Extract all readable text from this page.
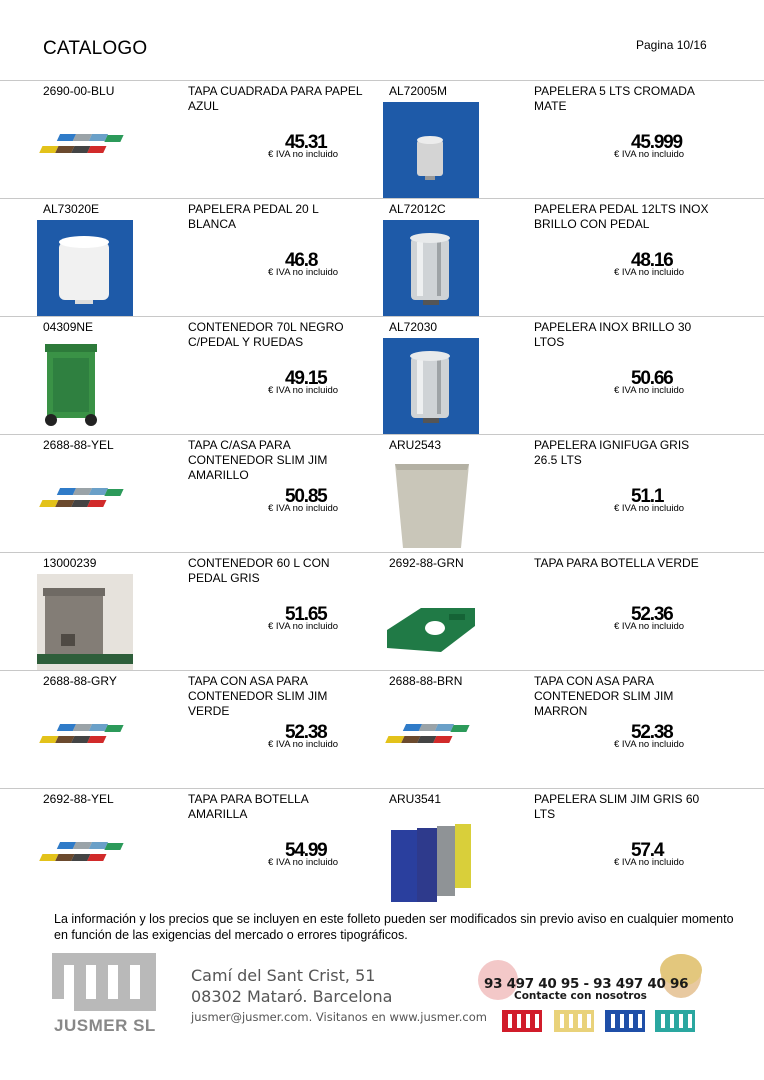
CATALOGO	Pagina 10/16
2690-00-BLU	TAPA CUADRADA PARA PAPEL AZUL
45.31
€ IVA no incluido
AL72005M	PAPELERA 5 LTS CROMADA MATE
45.999
€ IVA no incluido
AL73020E	PAPELERA PEDAL 20 L BLANCA
46.8
€ IVA no incluido
AL72012C	PAPELERA PEDAL 12LTS INOX BRILLO CON PEDAL
48.16
€ IVA no incluido
04309NE	CONTENEDOR 70L NEGRO C/PEDAL Y RUEDAS
49.15
€ IVA no incluido
AL72030	PAPELERA INOX BRILLO 30 LTOS
50.66
€ IVA no incluido
2688-88-YEL	TAPA C/ASA PARA CONTENEDOR SLIM JIM AMARILLO
50.85
€ IVA no incluido
ARU2543	PAPELERA IGNIFUGA GRIS 26.5 LTS
51.1
€ IVA no incluido
13000239	CONTENEDOR 60 L CON PEDAL GRIS
51.65
€ IVA no incluido
2692-88-GRN	TAPA PARA BOTELLA VERDE
52.36
€ IVA no incluido
2688-88-GRY	TAPA CON ASA PARA CONTENEDOR SLIM JIM VERDE
52.38
€ IVA no incluido
2688-88-BRN	TAPA CON ASA PARA CONTENEDOR SLIM JIM MARRON
52.38
€ IVA no incluido
2692-88-YEL	TAPA PARA BOTELLA AMARILLA
54.99
€ IVA no incluido
ARU3541	PAPELERA SLIM JIM GRIS 60 LTS
57.4
€ IVA no incluido
La información y los precios que se incluyen en este folleto pueden ser modificados sin previo aviso en cualquier momento en función de las exigencias del mercado o errores tipográficos.
JUSMER SL
Camí del Sant Crist, 51
08302 Mataró. Barcelona
jusmer@jusmer.com. Visitanos en www.jusmer.com
93 497 40 95 - 93 497 40 96
Contacte con nosotros
